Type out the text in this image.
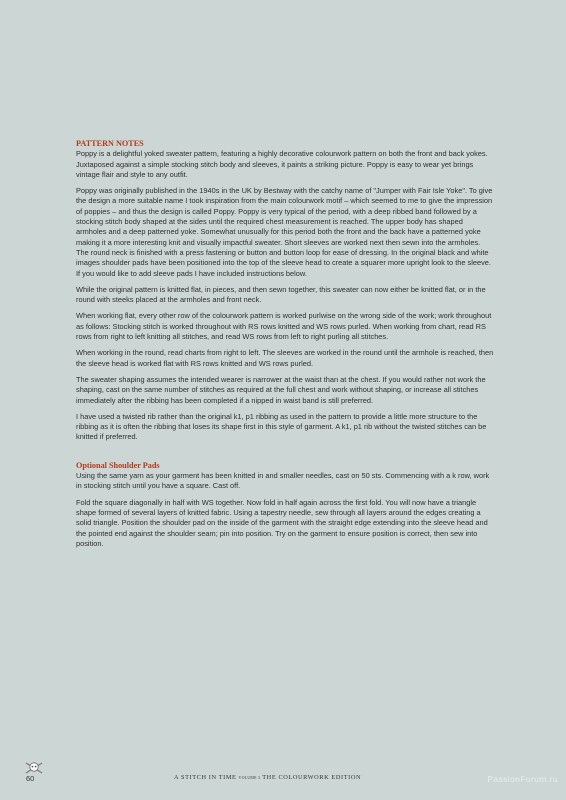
PATTERN NOTES

Poppy is a delightful yoked sweater pattern, featuring a highly decorative colourwork pattern on both the front and back yokes. Juxtaposed against a simple stocking stitch body and sleeves, it paints a striking picture. Poppy is easy to wear yet brings vintage flair and style to any outfit.

Poppy was originally published in the 1940s in the UK by Bestway with the catchy name of "Jumper with Fair Isle Yoke". To give the design a more suitable name I took inspiration from the main colourwork motif – which seemed to me to give the impression of poppies – and thus the design is called Poppy. Poppy is very typical of the period, with a deep ribbed band followed by a stocking stitch body shaped at the sides until the required chest measurement is reached. The upper body has shaped armholes and a deep patterned yoke. Somewhat unusually for this period both the front and the back have a patterned yoke making it a more interesting knit and visually impactful sweater. Short sleeves are worked next then sewn into the armholes. The round neck is finished with a press fastening or button and button loop for ease of dressing. In the original black and white images shoulder pads have been positioned into the top of the sleeve head to create a squarer more upright look to the sleeve. If you would like to add sleeve pads I have included instructions below.

While the original pattern is knitted flat, in pieces, and then sewn together, this sweater can now either be knitted flat, or in the round with steeks placed at the armholes and front neck.

When working flat, every other row of the colourwork pattern is worked purlwise on the wrong side of the work; work throughout as follows: Stocking stitch is worked throughout with RS rows knitted and WS rows purled. When working from chart, read RS rows from right to left knitting all stitches, and read WS rows from left to right purling all stitches.

When working in the round, read charts from right to left. The sleeves are worked in the round until the armhole is reached, then the sleeve head is worked flat with RS rows knitted and WS rows purled.

The sweater shaping assumes the intended wearer is narrower at the waist than at the chest. If you would rather not work the shaping, cast on the same number of stitches as required at the full chest and work without shaping, or increase all stitches immediately after the ribbing has been completed if a nipped in waist band is still preferred.

I have used a twisted rib rather than the original k1, p1 ribbing as used in the pattern to provide a little more structure to the ribbing as it is often the ribbing that loses its shape first in this style of garment. A k1, p1 rib without the twisted stitches can be knitted if preferred.

Optional Shoulder Pads

Using the same yarn as your garment has been knitted in and smaller needles, cast on 50 sts. Commencing with a k row, work in stocking stitch until you have a square. Cast off.

Fold the square diagonally in half with WS together. Now fold in half again across the first fold. You will now have a triangle shape formed of several layers of knitted fabric. Using a tapestry needle, sew through all layers around the edges creating a solid triangle. Position the shoulder pad on the inside of the garment with the straight edge extending into the sleeve head and the pointed end against the shoulder seam; pin into position. Try on the garment to ensure position is correct, then sew into position.

60	A STITCH IN TIME VOLUME 3 THE COLOURWORK EDITION	PassionForum.ru
